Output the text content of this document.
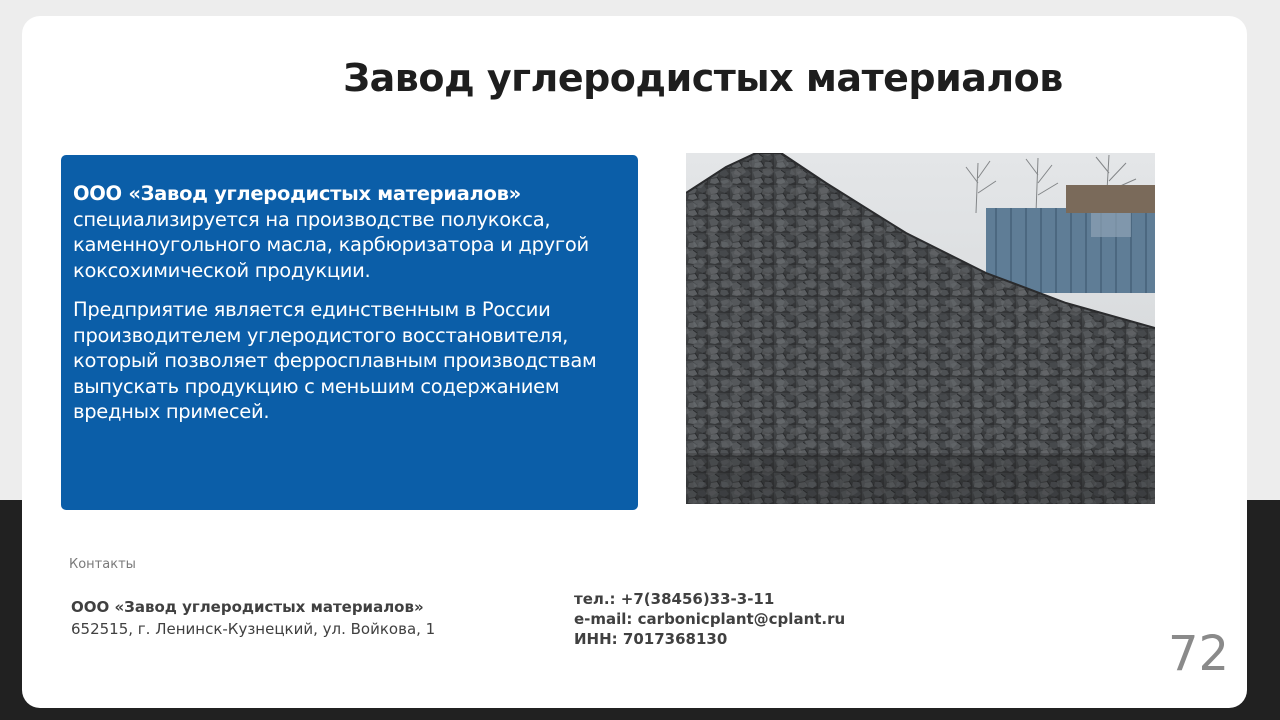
Завод углеродистых материалов

ООО «Завод углеродистых материалов» специализируется на производстве полукокса, каменноугольного масла, карбюризатора и другой коксохимической продукции.

Предприятие является единственным в России производителем углеродистого восстановителя, который позволяет ферросплавным производствам выпускать продукцию с меньшим содержанием вредных примесей.

Контакты
ООО «Завод углеродистых материалов»
652515, г. Ленинск-Кузнецкий, ул. Войкова, 1
тел.: +7(38456)33-3-11
e-mail: carbonicplant@cplant.ru
ИНН: 7017368130	72
